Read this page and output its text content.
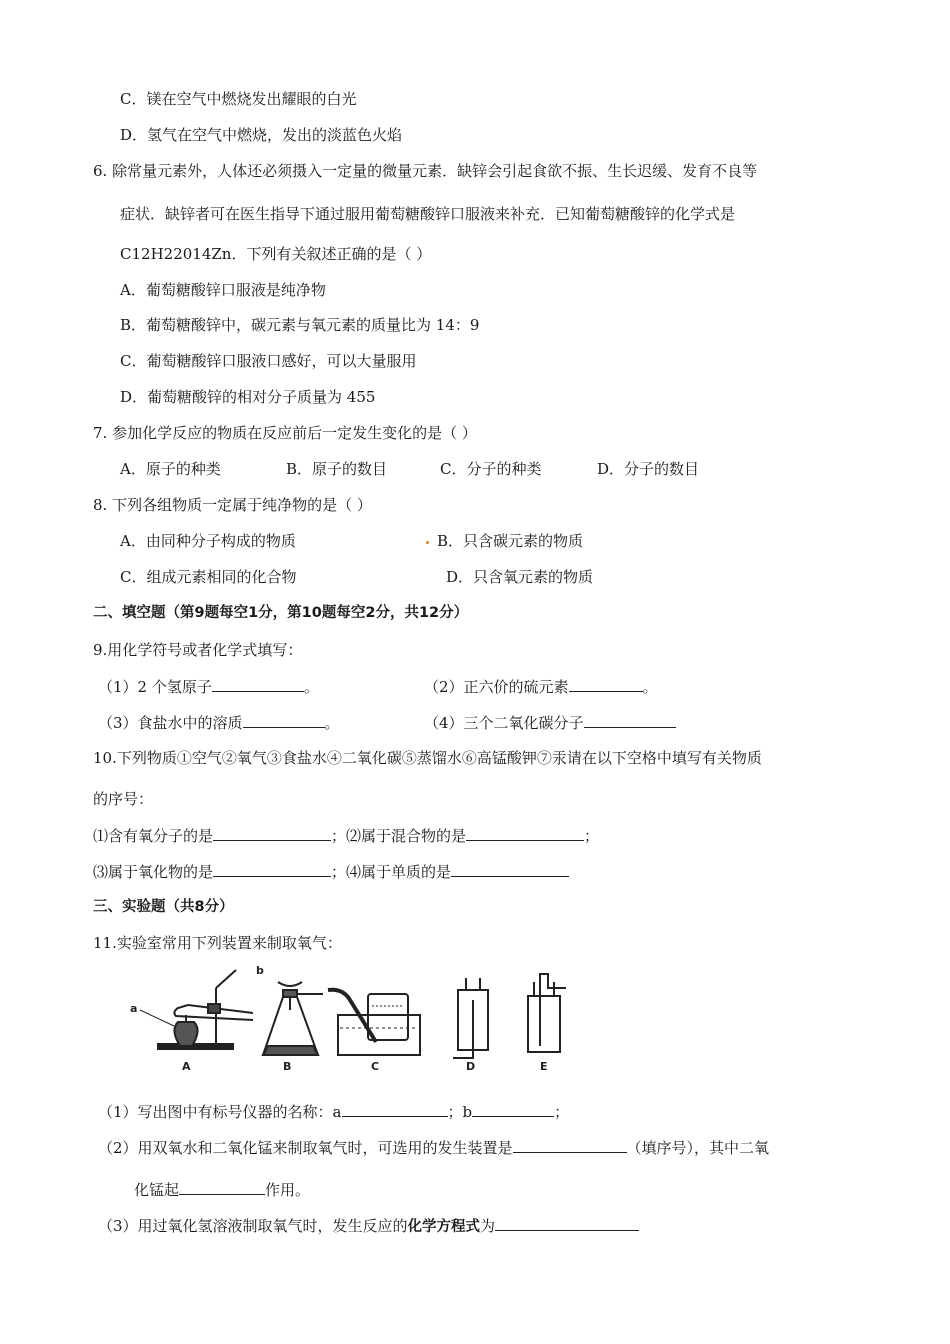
C．镁在空气中燃烧发出耀眼的白光
D．氢气在空气中燃烧，发出的淡蓝色火焰
6. 除常量元素外，人体还必须摄入一定量的微量元素．缺锌会引起食欲不振、生长迟缓、发育不良等
症状．缺锌者可在医生指导下通过服用葡萄糖酸锌口服液来补充．已知葡萄糖酸锌的化学式是
C12H22014Zn．下列有关叙述正确的是（ ）
A．葡萄糖酸锌口服液是纯净物
B．葡萄糖酸锌中，碳元素与氧元素的质量比为 14：9
C．葡萄糖酸锌口服液口感好，可以大量服用
D．葡萄糖酸锌的相对分子质量为 455
7. 参加化学反应的物质在反应前后一定发生变化的是（ ）
A．原子的种类	B．原子的数目	C．分子的种类	D．分子的数目
8. 下列各组物质一定属于纯净物的是（ ）
A．由同种分子构成的物质	B．只含碳元素的物质
C．组成元素相同的化合物	D．只含氧元素的物质
二、填空题（第9题每空1分，第10题每空2分，共12分）
9.用化学符号或者化学式填写：
（1）2 个氢原子	。	（2）正六价的硫元素	。
（3）食盐水中的溶质	。	（4）三个二氧化碳分子
10.下列物质①空气②氧气③食盐水④二氧化碳⑤蒸馏水⑥高锰酸钾⑦汞请在以下空格中填写有关物质
的序号：
⑴含有氧分子的是	；⑵属于混合物的是	；
⑶属于氧化物的是	；⑷属于单质的是
三、实验题（共8分）
11.实验室常用下列装置来制取氧气：
a
A
b
B	C	D	E
（1）写出图中有标号仪器的名称：a	；b	；
（2）用双氧水和二氧化锰来制取氧气时，可选用的发生装置是	（填序号），其中二氧
化锰起	作用。
（3）用过氧化氢溶液制取氧气时，发生反应的化学方程式为
